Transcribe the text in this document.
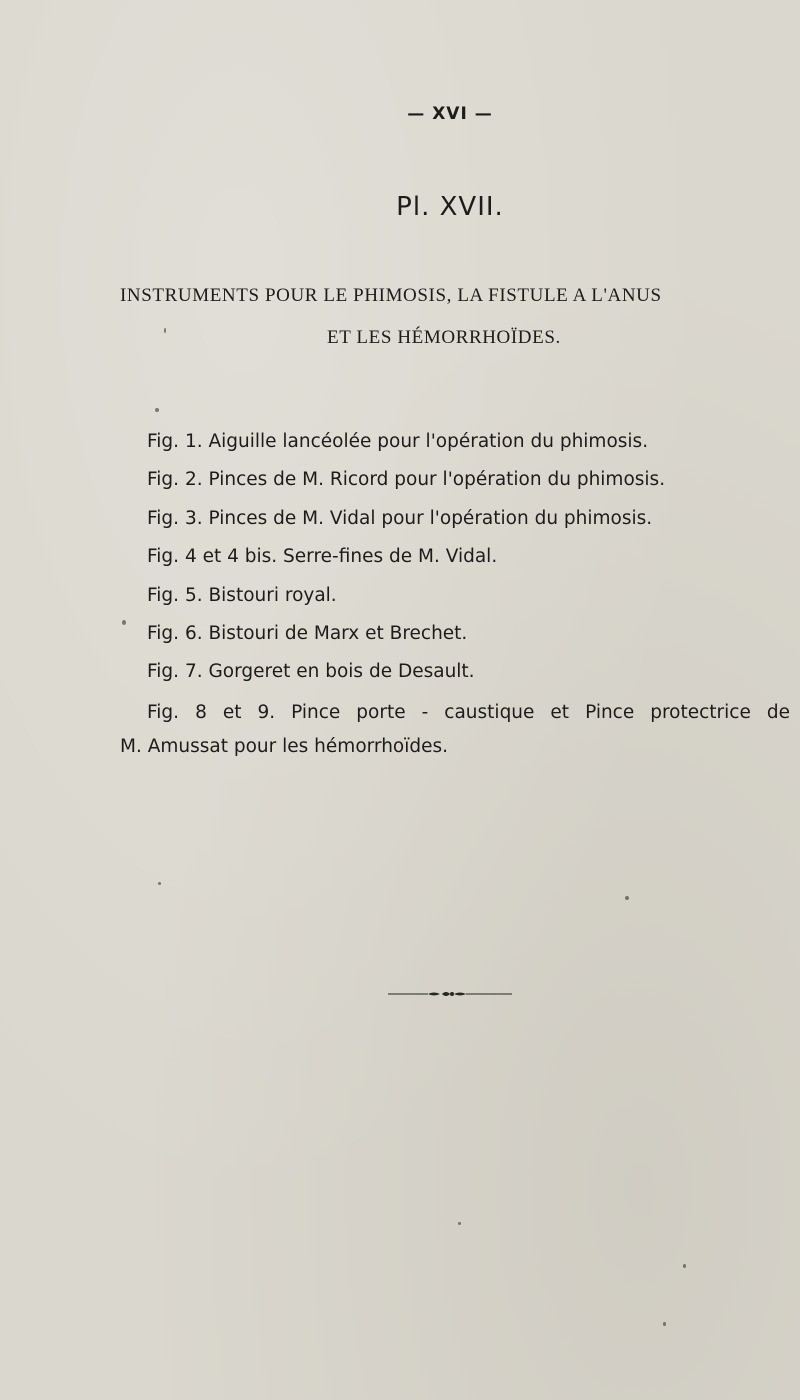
— XVI —
Pl. XVII.
INSTRUMENTS POUR LE PHIMOSIS, LA FISTULE A L'ANUS
ET LES HÉMORRHOÏDES.
Fig. 1. Aiguille lancéolée pour l'opération du phimosis.
Fig. 2. Pinces de M. Ricord pour l'opération du phimosis.
Fig. 3. Pinces de M. Vidal pour l'opération du phimosis.
Fig. 4 et 4 bis. Serre-fines de M. Vidal.
Fig. 5. Bistouri royal.
Fig. 6. Bistouri de Marx et Brechet.
Fig. 7. Gorgeret en bois de Desault.
Fig. 8 et 9. Pince porte - caustique et Pince protectrice de
M. Amussat pour les hémorrhoïdes.
